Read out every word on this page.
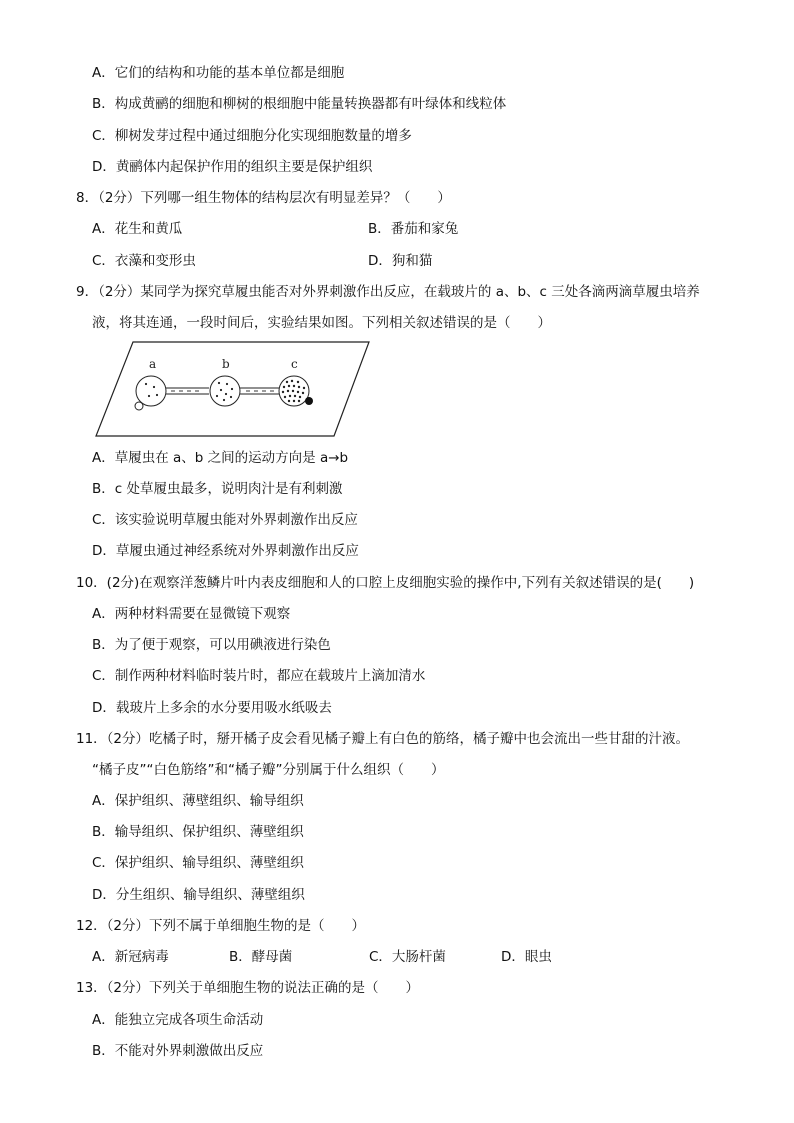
A．它们的结构和功能的基本单位都是细胞
B．构成黄鹂的细胞和柳树的根细胞中能量转换器都有叶绿体和线粒体
C．柳树发芽过程中通过细胞分化实现细胞数量的增多
D．黄鹂体内起保护作用的组织主要是保护组织
8．（2分）下列哪一组生物体的结构层次有明显差异？（　　）
A．花生和黄瓜	B．番茄和家兔
C．衣藻和变形虫	D．狗和猫
9．（2分）某同学为探究草履虫能否对外界刺激作出反应，在载玻片的 a、b、c 三处各滴两滴草履虫培养
液，将其连通，一段时间后，实验结果如图。下列相关叙述错误的是（　　）
a	b	c
A．草履虫在 a、b 之间的运动方向是 a→b
B．c 处草履虫最多，说明肉汁是有利刺激
C．该实验说明草履虫能对外界刺激作出反应
D．草履虫通过神经系统对外界刺激作出反应
10．(2分)在观察洋葱鳞片叶内表皮细胞和人的口腔上皮细胞实验的操作中,下列有关叙述错误的是(　　)
A．两种材料需要在显微镜下观察
B．为了便于观察，可以用碘液进行染色
C．制作两种材料临时装片时，都应在载玻片上滴加清水
D．载玻片上多余的水分要用吸水纸吸去
11．（2分）吃橘子时，掰开橘子皮会看见橘子瓣上有白色的筋络，橘子瓣中也会流出一些甘甜的汁液。
“橘子皮”“白色筋络”和“橘子瓣”分别属于什么组织（　　）
A．保护组织、薄壁组织、输导组织
B．输导组织、保护组织、薄壁组织
C．保护组织、输导组织、薄壁组织
D．分生组织、输导组织、薄壁组织
12．（2分）下列不属于单细胞生物的是（　　）
A．新冠病毒	B．酵母菌	C．大肠杆菌	D．眼虫
13．（2分）下列关于单细胞生物的说法正确的是（　　）
A．能独立完成各项生命活动
B．不能对外界刺激做出反应
